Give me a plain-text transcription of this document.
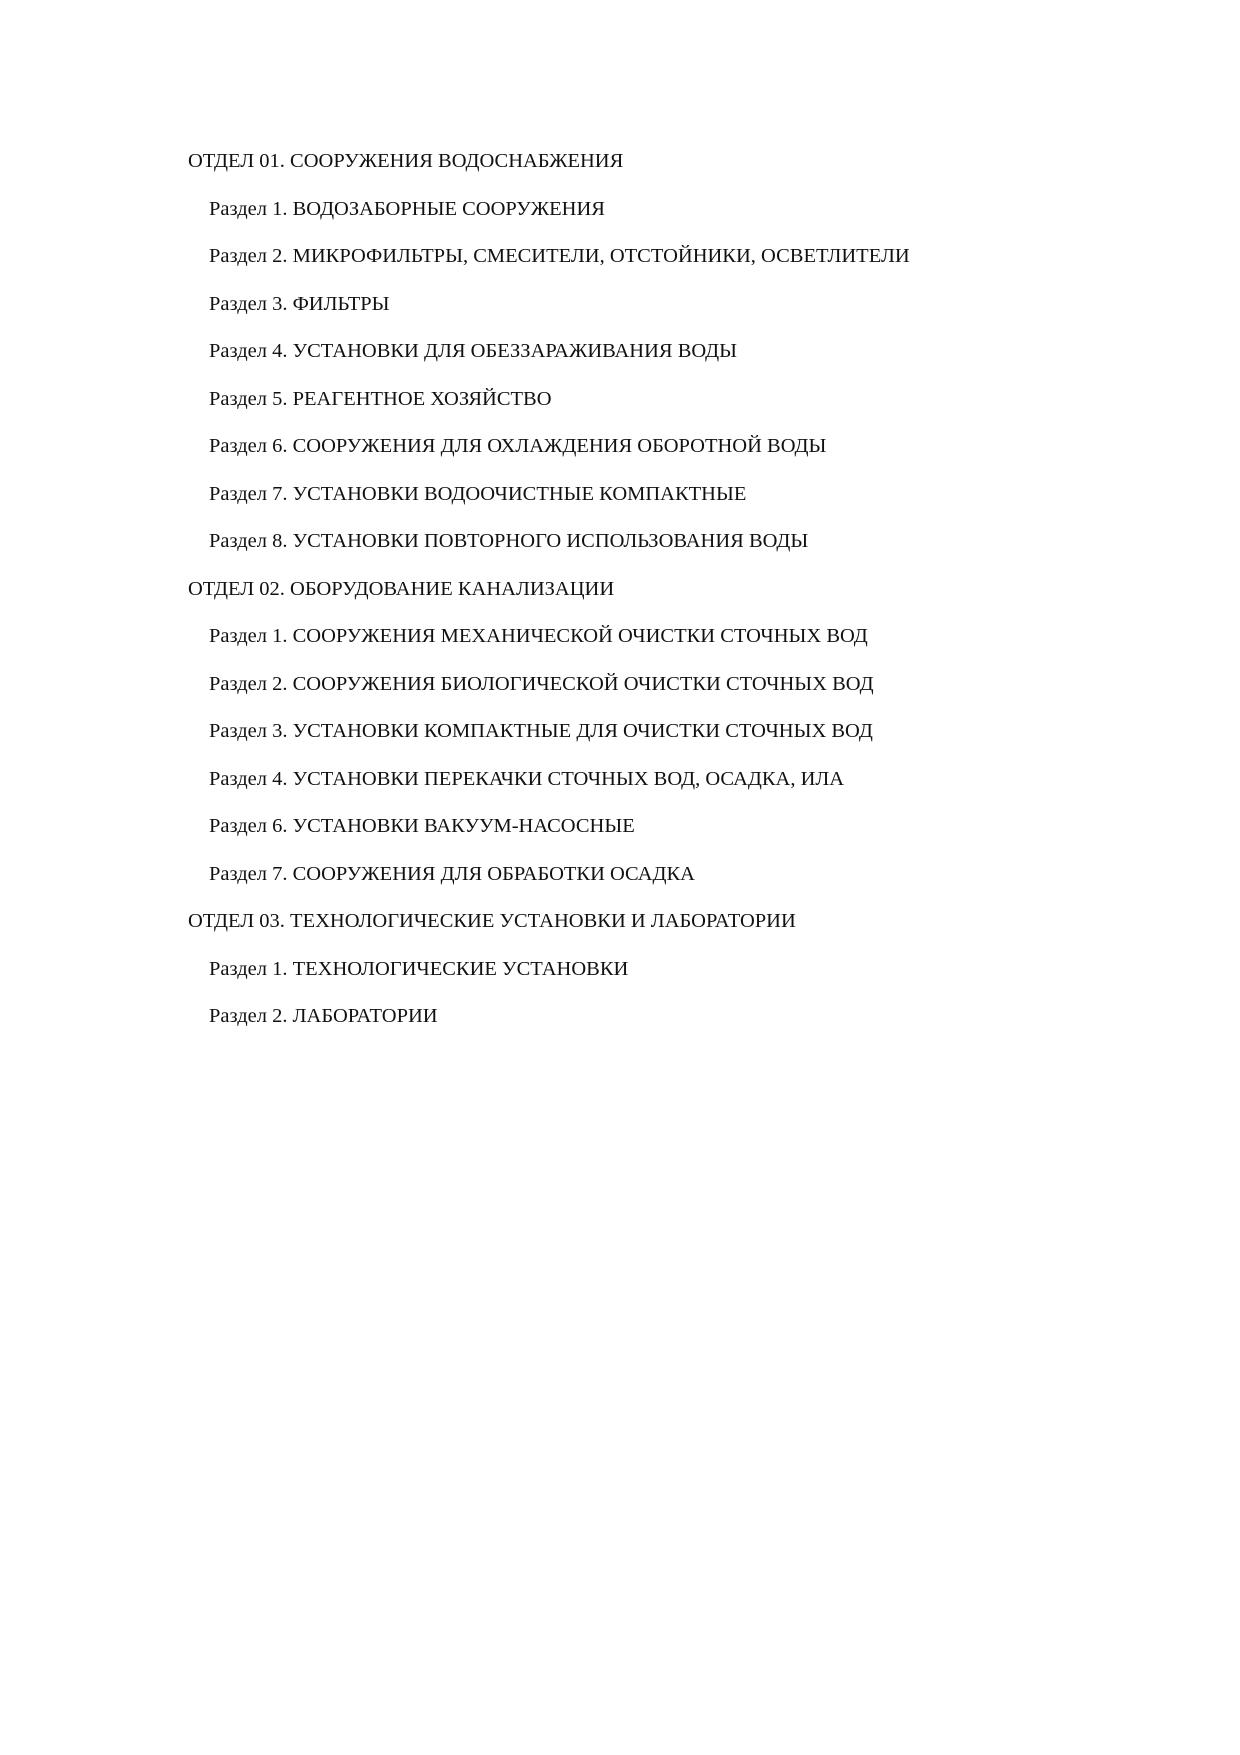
ОТДЕЛ 01. СООРУЖЕНИЯ ВОДОСНАБЖЕНИЯ
Раздел 1. ВОДОЗАБОРНЫЕ СООРУЖЕНИЯ
Раздел 2. МИКРОФИЛЬТРЫ, СМЕСИТЕЛИ, ОТСТОЙНИКИ, ОСВЕТЛИТЕЛИ
Раздел 3. ФИЛЬТРЫ
Раздел 4. УСТАНОВКИ ДЛЯ ОБЕЗЗАРАЖИВАНИЯ ВОДЫ
Раздел 5. РЕАГЕНТНОЕ ХОЗЯЙСТВО
Раздел 6. СООРУЖЕНИЯ ДЛЯ ОХЛАЖДЕНИЯ ОБОРОТНОЙ ВОДЫ
Раздел 7. УСТАНОВКИ ВОДООЧИСТНЫЕ КОМПАКТНЫЕ
Раздел 8. УСТАНОВКИ ПОВТОРНОГО ИСПОЛЬЗОВАНИЯ ВОДЫ
ОТДЕЛ 02. ОБОРУДОВАНИЕ КАНАЛИЗАЦИИ
Раздел 1. СООРУЖЕНИЯ МЕХАНИЧЕСКОЙ ОЧИСТКИ СТОЧНЫХ ВОД
Раздел 2. СООРУЖЕНИЯ БИОЛОГИЧЕСКОЙ ОЧИСТКИ СТОЧНЫХ ВОД
Раздел 3. УСТАНОВКИ КОМПАКТНЫЕ ДЛЯ ОЧИСТКИ СТОЧНЫХ ВОД
Раздел 4. УСТАНОВКИ ПЕРЕКАЧКИ СТОЧНЫХ ВОД, ОСАДКА, ИЛА
Раздел 6. УСТАНОВКИ ВАКУУМ-НАСОСНЫЕ
Раздел 7. СООРУЖЕНИЯ ДЛЯ ОБРАБОТКИ ОСАДКА
ОТДЕЛ 03. ТЕХНОЛОГИЧЕСКИЕ УСТАНОВКИ И ЛАБОРАТОРИИ
Раздел 1. ТЕХНОЛОГИЧЕСКИЕ УСТАНОВКИ
Раздел 2. ЛАБОРАТОРИИ
